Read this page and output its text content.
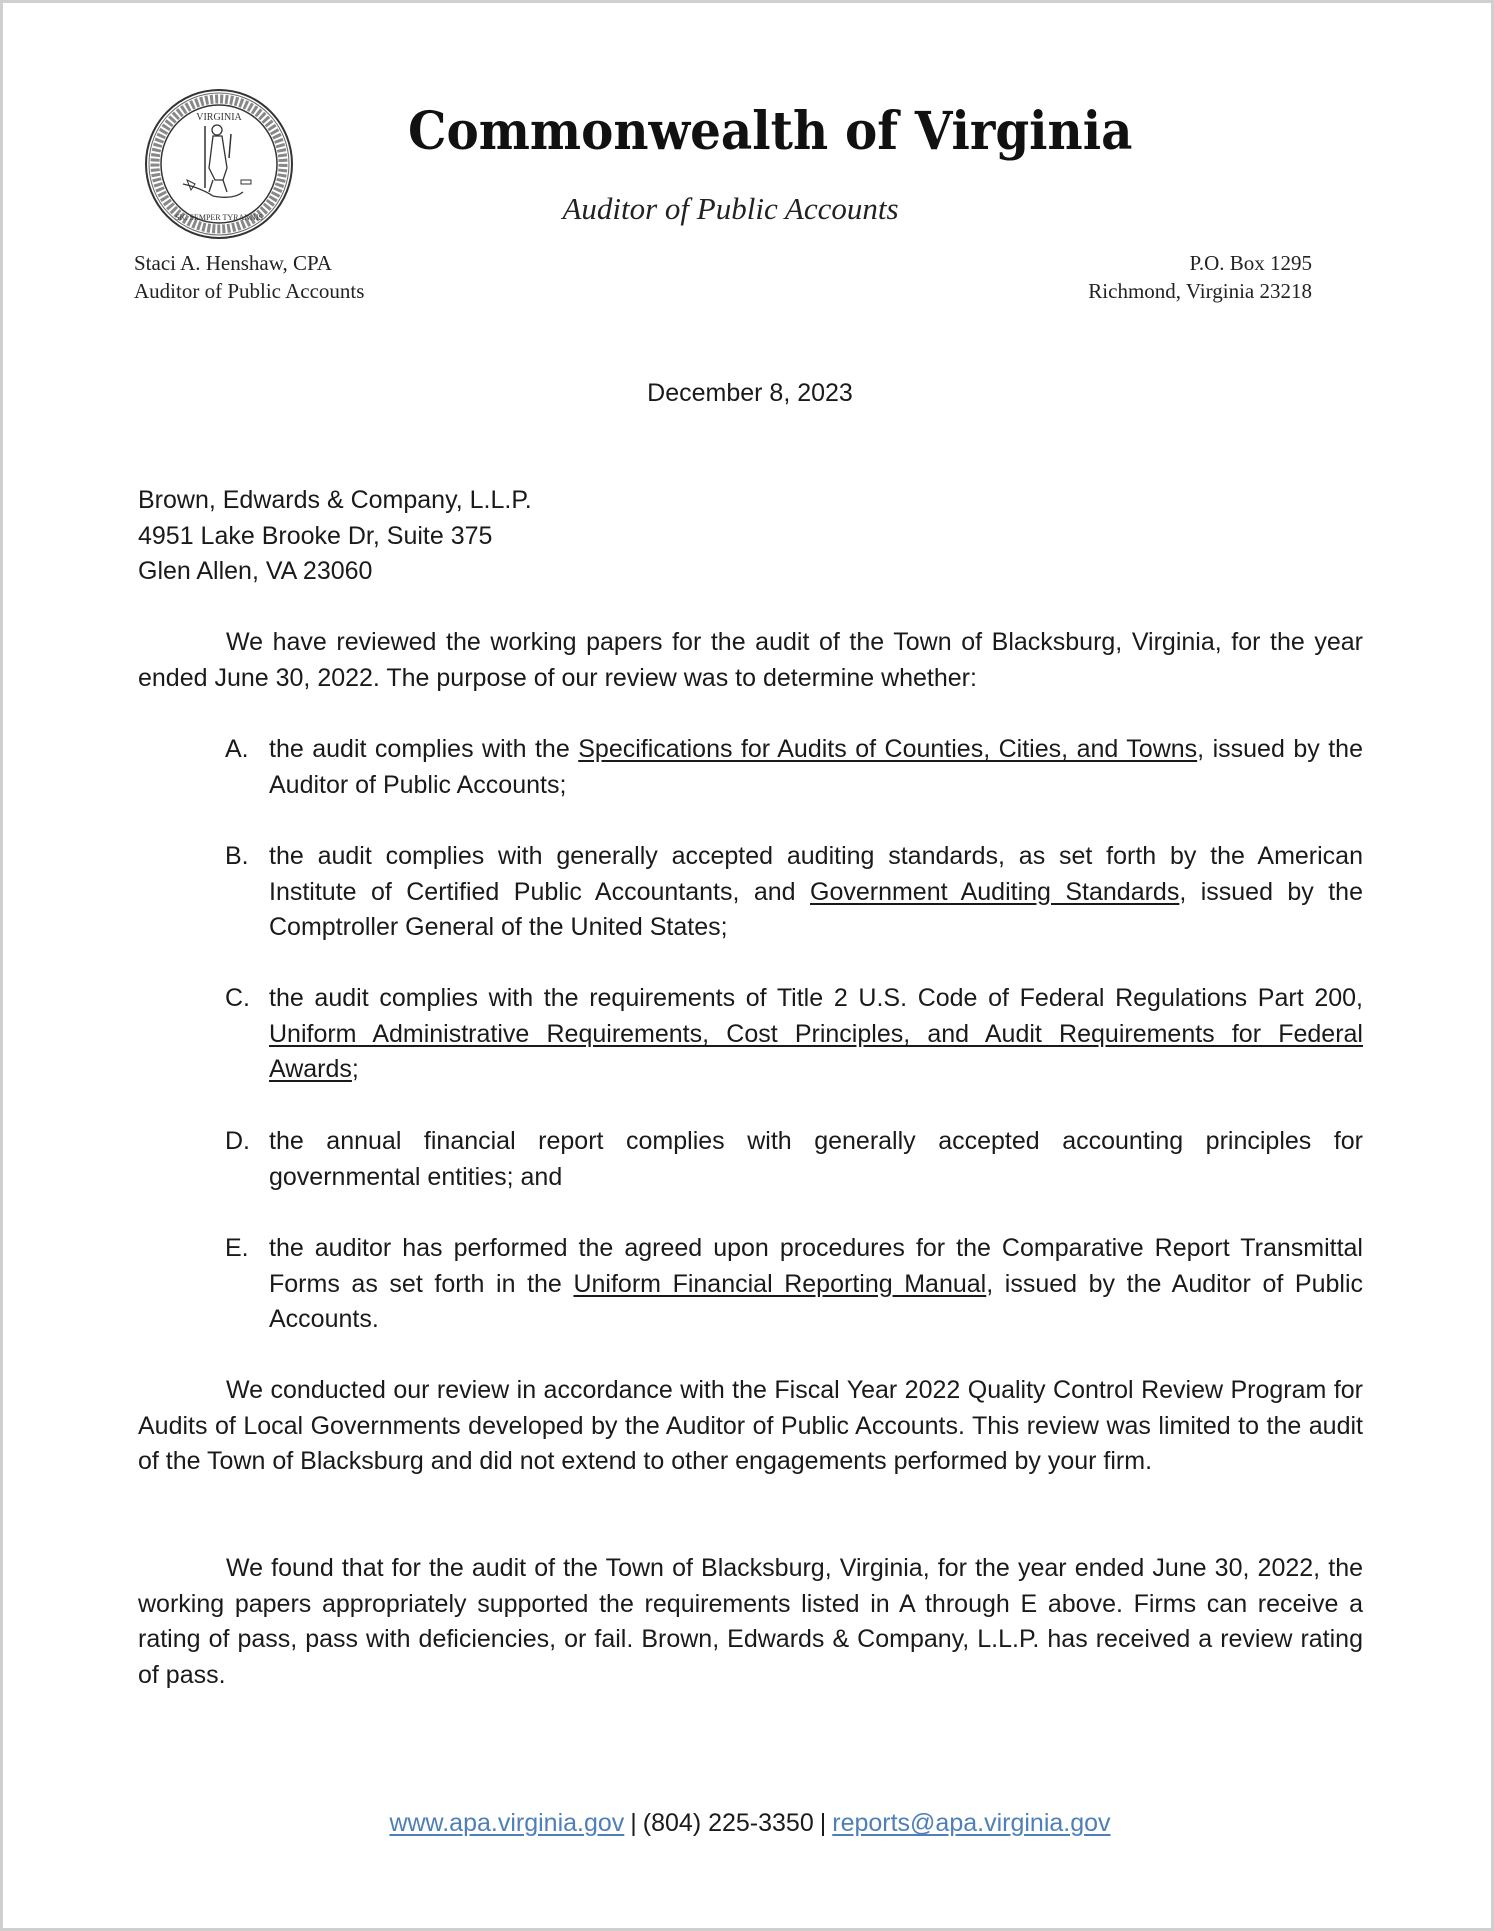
VIRGINIA
SIC SEMPER TYRANNIS
Commonwealth of Virginia
Auditor of Public Accounts
Staci A. Henshaw, CPA
Auditor of Public Accounts
P.O. Box 1295
Richmond, Virginia 23218
December 8, 2023
Brown, Edwards & Company, L.L.P.
4951 Lake Brooke Dr, Suite 375
Glen Allen, VA 23060
We have reviewed the working papers for the audit of the Town of Blacksburg, Virginia, for the year ended June 30, 2022. The purpose of our review was to determine whether:
A. the audit complies with the Specifications for Audits of Counties, Cities, and Towns, issued by the Auditor of Public Accounts;
B. the audit complies with generally accepted auditing standards, as set forth by the American Institute of Certified Public Accountants, and Government Auditing Standards, issued by the Comptroller General of the United States;
C. the audit complies with the requirements of Title 2 U.S. Code of Federal Regulations Part 200, Uniform Administrative Requirements, Cost Principles, and Audit Requirements for Federal Awards;
D. the annual financial report complies with generally accepted accounting principles for governmental entities; and
E. the auditor has performed the agreed upon procedures for the Comparative Report Transmittal Forms as set forth in the Uniform Financial Reporting Manual, issued by the Auditor of Public Accounts.
We conducted our review in accordance with the Fiscal Year 2022 Quality Control Review Program for Audits of Local Governments developed by the Auditor of Public Accounts. This review was limited to the audit of the Town of Blacksburg and did not extend to other engagements performed by your firm.
We found that for the audit of the Town of Blacksburg, Virginia, for the year ended June 30, 2022, the working papers appropriately supported the requirements listed in A through E above. Firms can receive a rating of pass, pass with deficiencies, or fail. Brown, Edwards & Company, L.L.P. has received a review rating of pass.
www.apa.virginia.gov | (804) 225-3350 | reports@apa.virginia.gov
